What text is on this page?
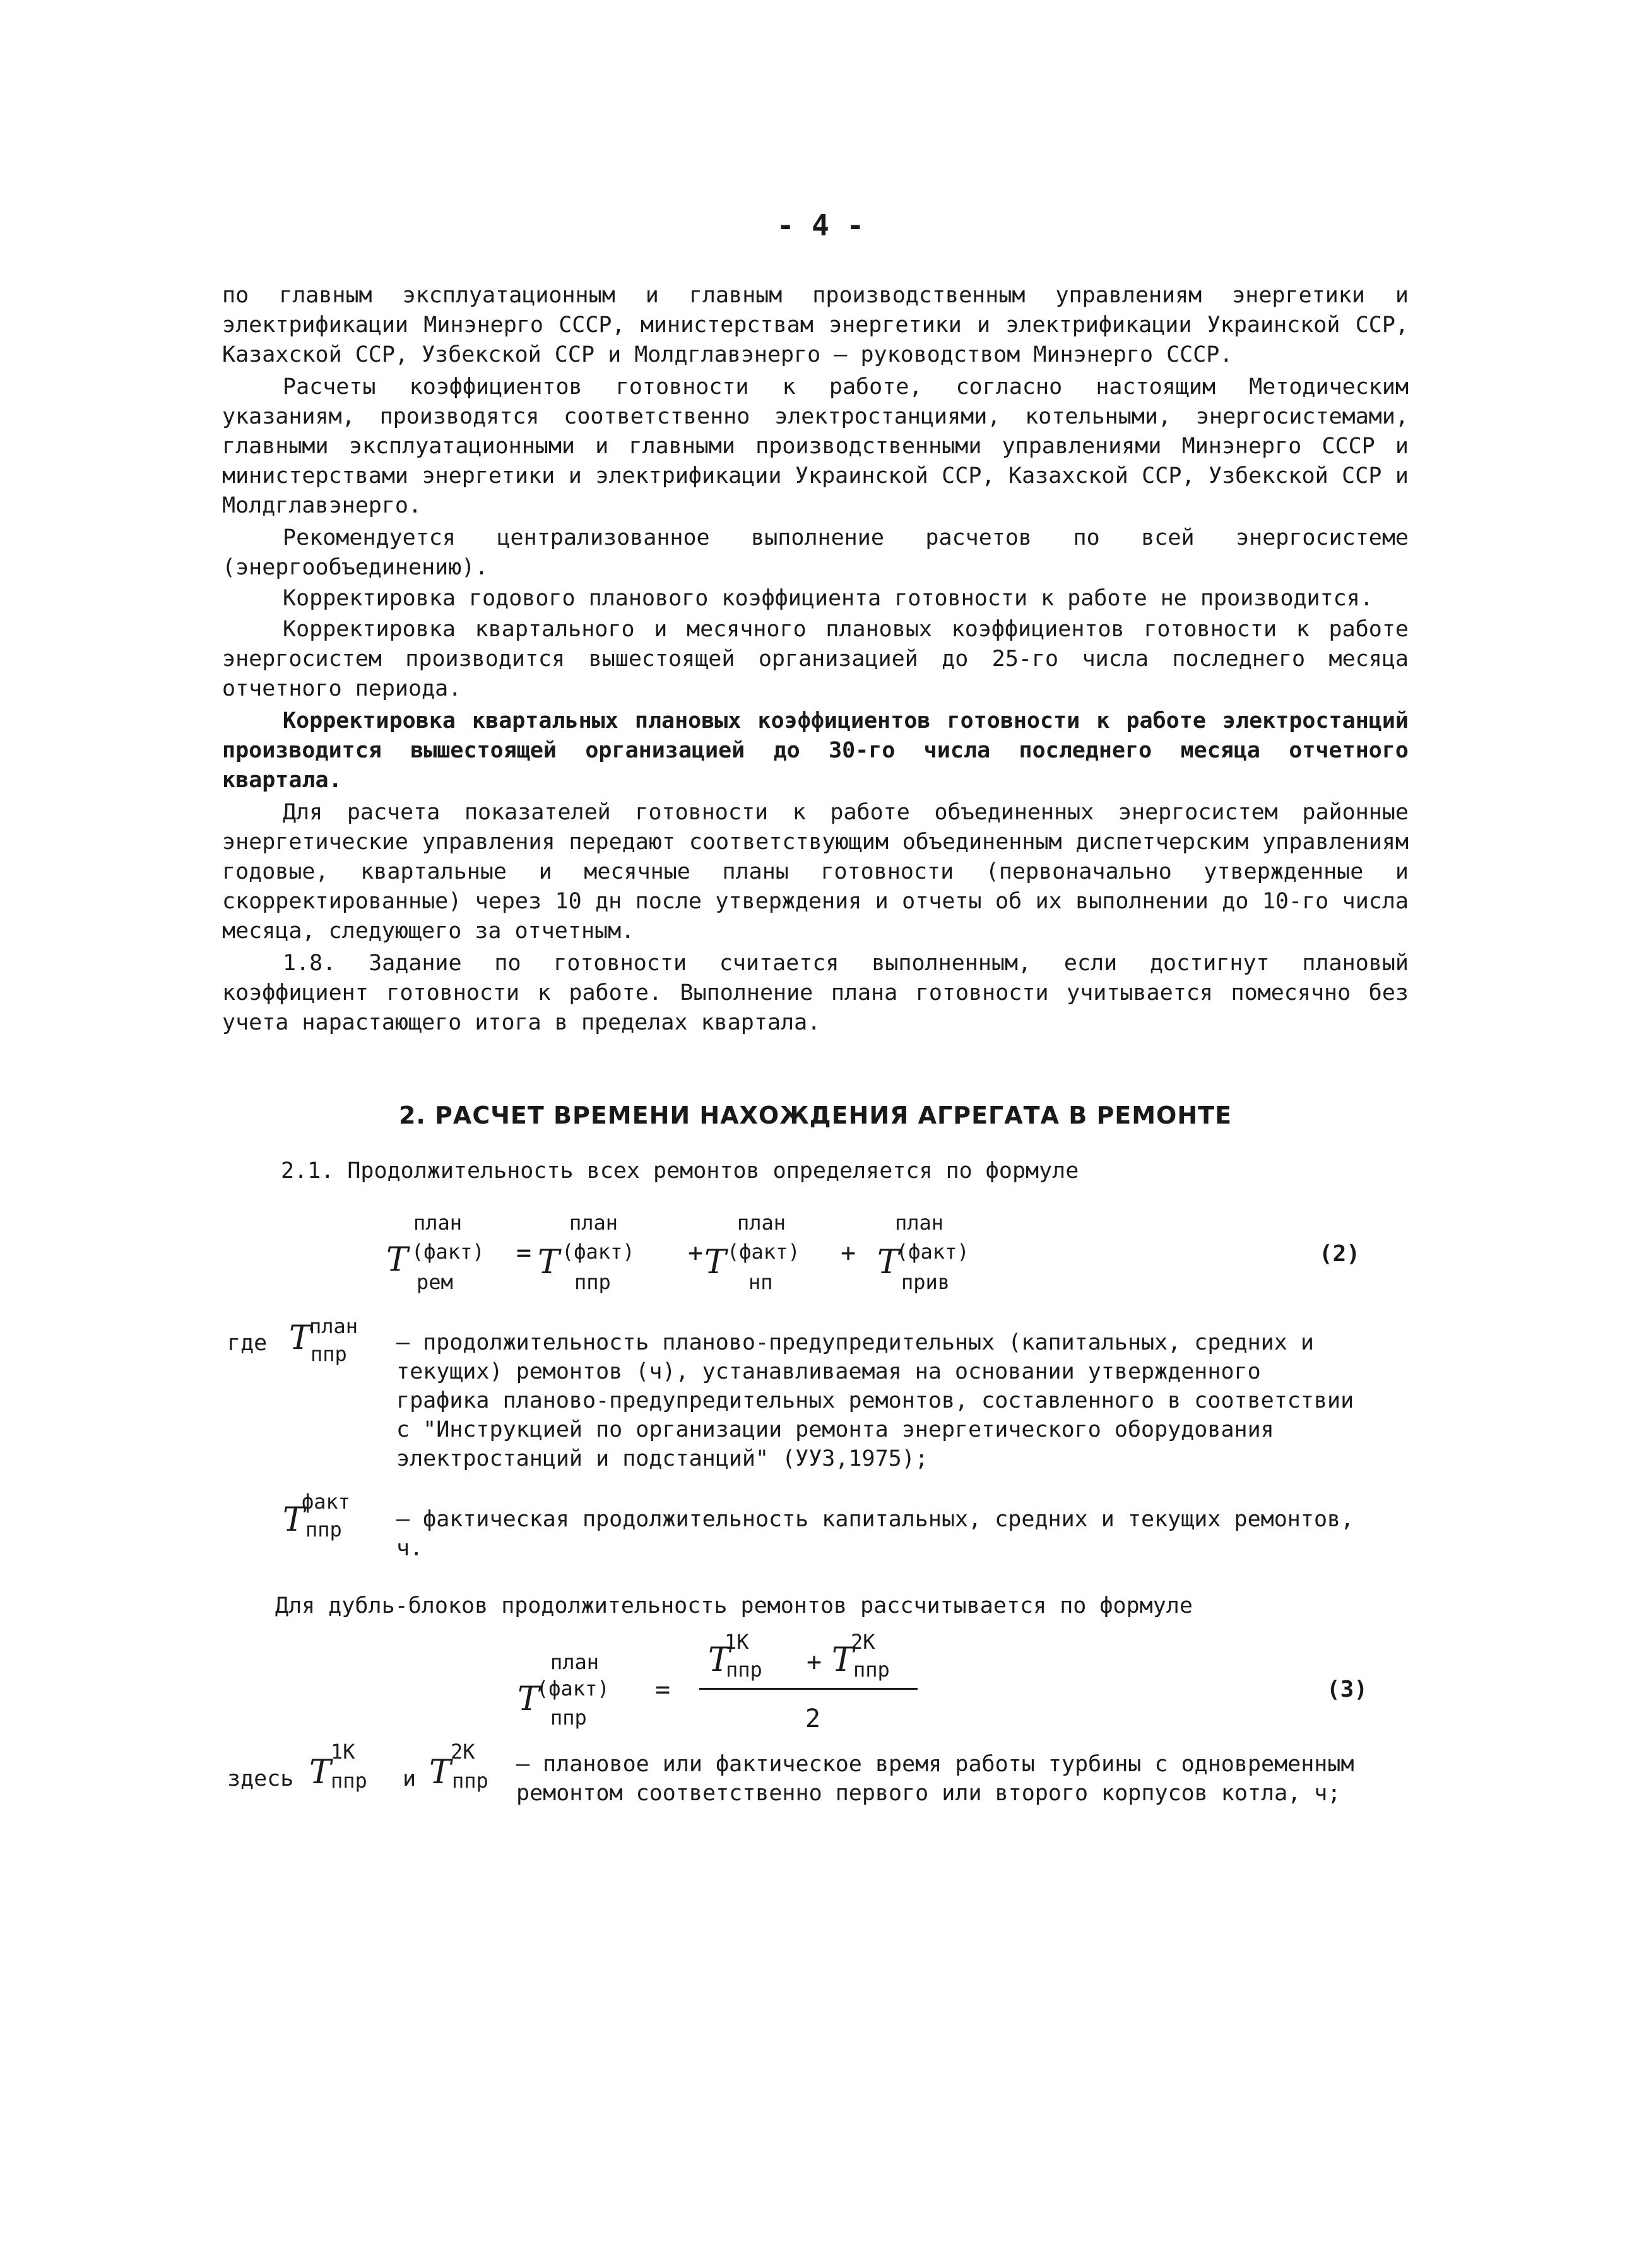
- 4 -

по главным эксплуатационным и главным производственным управлениям энергетики и электрификации Минэнерго СССР, министерствам энергетики и электрификации Украинской ССР, Казахской ССР, Узбекской ССР и Молдглавэнерго — руководством Минэнерго СССР.

Расчеты коэффициентов готовности к работе, согласно настоящим Методическим указаниям, производятся соответственно электростанциями, котельными, энергосистемами, главными эксплуатационными и главными производственными управлениями Минэнерго СССР и министерствами энергетики и электрификации Украинской ССР, Казахской ССР, Узбекской ССР и Молдглавэнерго.

Рекомендуется централизованное выполнение расчетов по всей энергосистеме (энергообъединению).

Корректировка годового планового коэффициента готовности к работе не производится.

Корректировка квартального и месячного плановых коэффициентов готовности к работе энергосистем производится вышестоящей организацией до 25-го числа последнего месяца отчетного периода.

Корректировка квартальных плановых коэффициентов готовности к работе электростанций производится вышестоящей организацией до 30-го числа последнего месяца отчетного квартала.

Для расчета показателей готовности к работе объединенных энергосистем районные энергетические управления передают соответствующим объединенным диспетчерским управлениям годовые, квартальные и месячные планы готовности (первоначально утвержденные и скорректированные) через 10 дн после утверждения и отчеты об их выполнении до 10-го числа месяца, следующего за отчетным.

1.8. Задание по готовности считается выполненным, если достигнут плановый коэффициент готовности к работе. Выполнение плана готовности учитывается помесячно без учета нарастающего итога в пределах квартала.

2. РАСЧЕТ ВРЕМЕНИ НАХОЖДЕНИЯ АГРЕГАТА В РЕМОНТЕ
2.1. Продолжительность всех ремонтов определяется по формуле
план
T (факт)
рем
=
план
T (факт)
ппр
+
план
T (факт)
нп
+
план
T
(факт)
прив
(2)
где T
план
ппр – продолжительность планово-предупредительных (капитальных, средних и текущих) ремонтов (ч), устанавливаемая на основании утвержденного графика планово-предупредительных ремонтов, составленного в соответствии с "Инструкцией по организации ремонта энергетического оборудования электростанций и подстанций" (УУЗ,1975);

T
факт
ппр – фактическая продолжительность капитальных, средних и текущих ремонтов, ч.

Для дубль-блоков продолжительность ремонтов рассчитывается по формуле
план
T
(факт)
ппр
=
T
1К
ппр + T
2К
ппр
2
(3)
здесь T
1К
ппр и T
2К
ппр

– плановое или фактическое время работы турбины с одновременным ремонтом соответственно первого или второго корпусов котла, ч;
